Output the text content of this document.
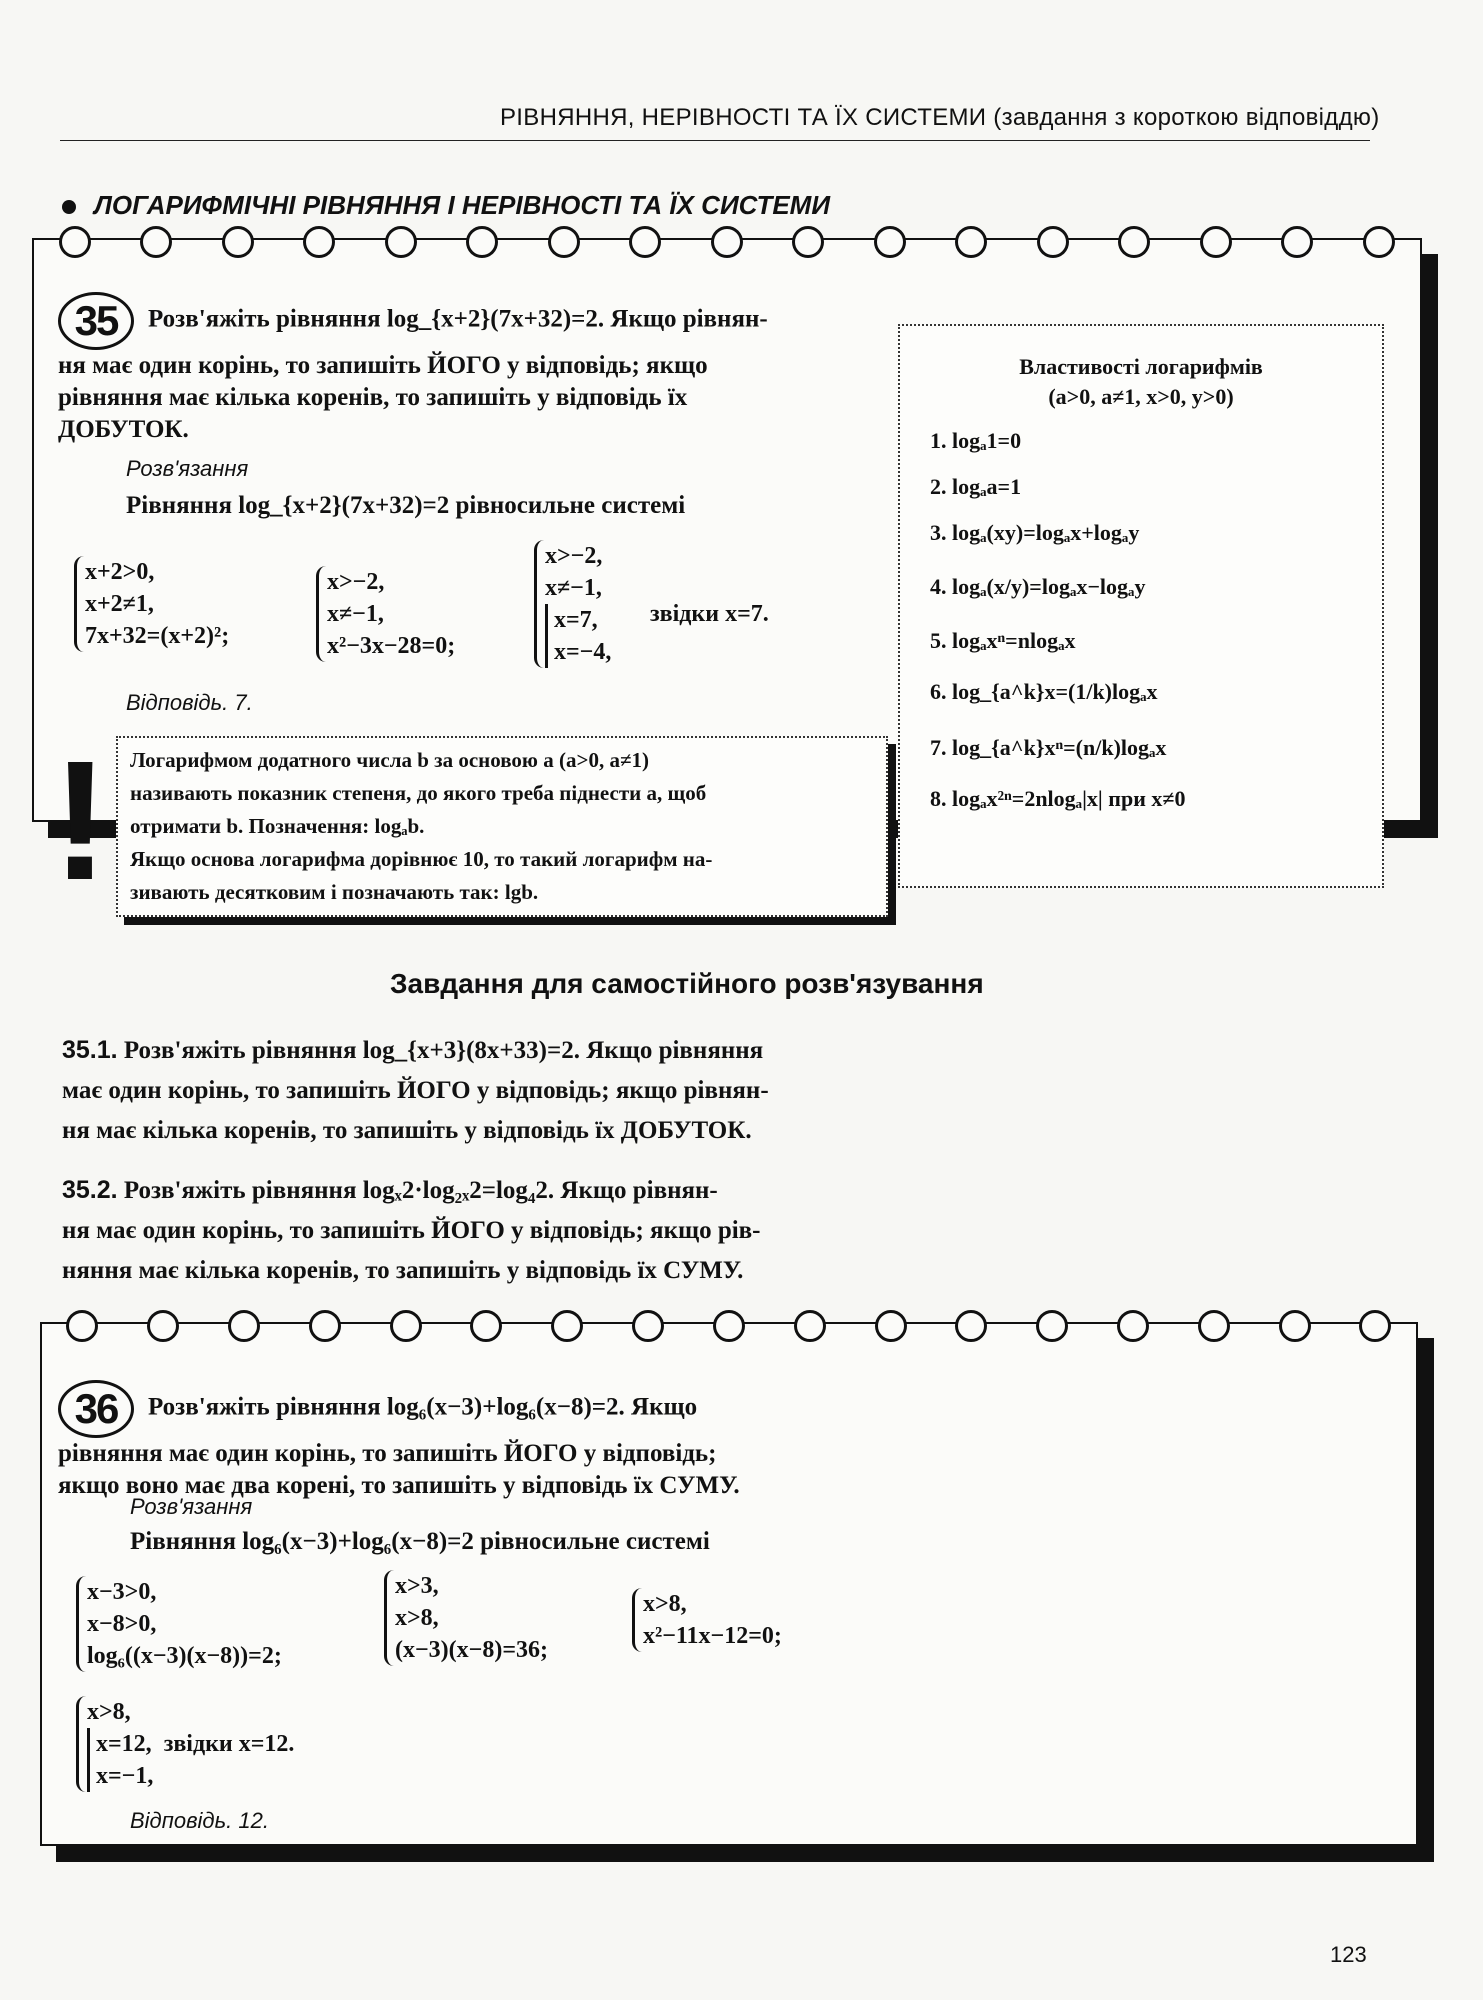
РІВНЯННЯ, НЕРІВНОСТІ ТА ЇХ СИСТЕМИ (завдання з короткою відповіддю)
ЛОГАРИФМІЧНІ РІВНЯННЯ І НЕРІВНОСТІ ТА ЇХ СИСТЕМИ
35 Розв'яжіть рівняння log_{x+2}(7x+32)=2. Якщо рівнян-
ня має один корінь, то запишіть ЙОГО у відповідь; якщо
рівняння має кілька коренів, то запишіть у відповідь їх
ДОБУТОК.
Розв'язання
Рівняння log_{x+2}(7x+32)=2 рівносильне системі
x+2>0,
x+2≠1,
7x+32=(x+2)²;
x>−2,
x≠−1,
x²−3x−28=0;
x>−2,
x≠−1,
x=7,
x=−4,
звідки x=7.
Відповідь. 7.
Властивості логарифмів
(a>0, a≠1, x>0, y>0)
1. logₐ1=0
2. logₐa=1
3. logₐ(xy)=logₐx+logₐy
4. logₐ(x/y)=logₐx−logₐy
5. logₐxⁿ=nlogₐx
6. log_{a^k}x=(1/k)logₐx
7. log_{a^k}xⁿ=(n/k)logₐx
8. logₐx²ⁿ=2nlogₐ|x| при x≠0
! Логарифмом додатного числа b за основою a (a>0, a≠1)
називають показник степеня, до якого треба піднести a, щоб
отримати b. Позначення: logₐb.
Якщо основа логарифма дорівнює 10, то такий логарифм на-
зивають десятковим і позначають так: lgb.
Завдання для самостійного розв'язування
35.1. Розв'яжіть рівняння log_{x+3}(8x+33)=2. Якщо рівняння
має один корінь, то запишіть ЙОГО у відповідь; якщо рівнян-
ня має кілька коренів, то запишіть у відповідь їх ДОБУТОК.
35.2. Розв'яжіть рівняння logₓ2·log₂ₓ2=log₄2. Якщо рівнян-
ня має один корінь, то запишіть ЙОГО у відповідь; якщо рів-
няння має кілька коренів, то запишіть у відповідь їх СУМУ.
36 Розв'яжіть рівняння log₆(x−3)+log₆(x−8)=2. Якщо
рівняння має один корінь, то запишіть ЙОГО у відповідь;
якщо воно має два корені, то запишіть у відповідь їх СУМУ.
Розв'язання
Рівняння log₆(x−3)+log₆(x−8)=2 рівносильне системі
x−3>0,
x−8>0,
log₆((x−3)(x−8))=2;
x>3,
x>8,
(x−3)(x−8)=36;
x>8,
x²−11x−12=0;
x>8,
x=12, звідки x=12.
x=−1,
Відповідь. 12.
123
